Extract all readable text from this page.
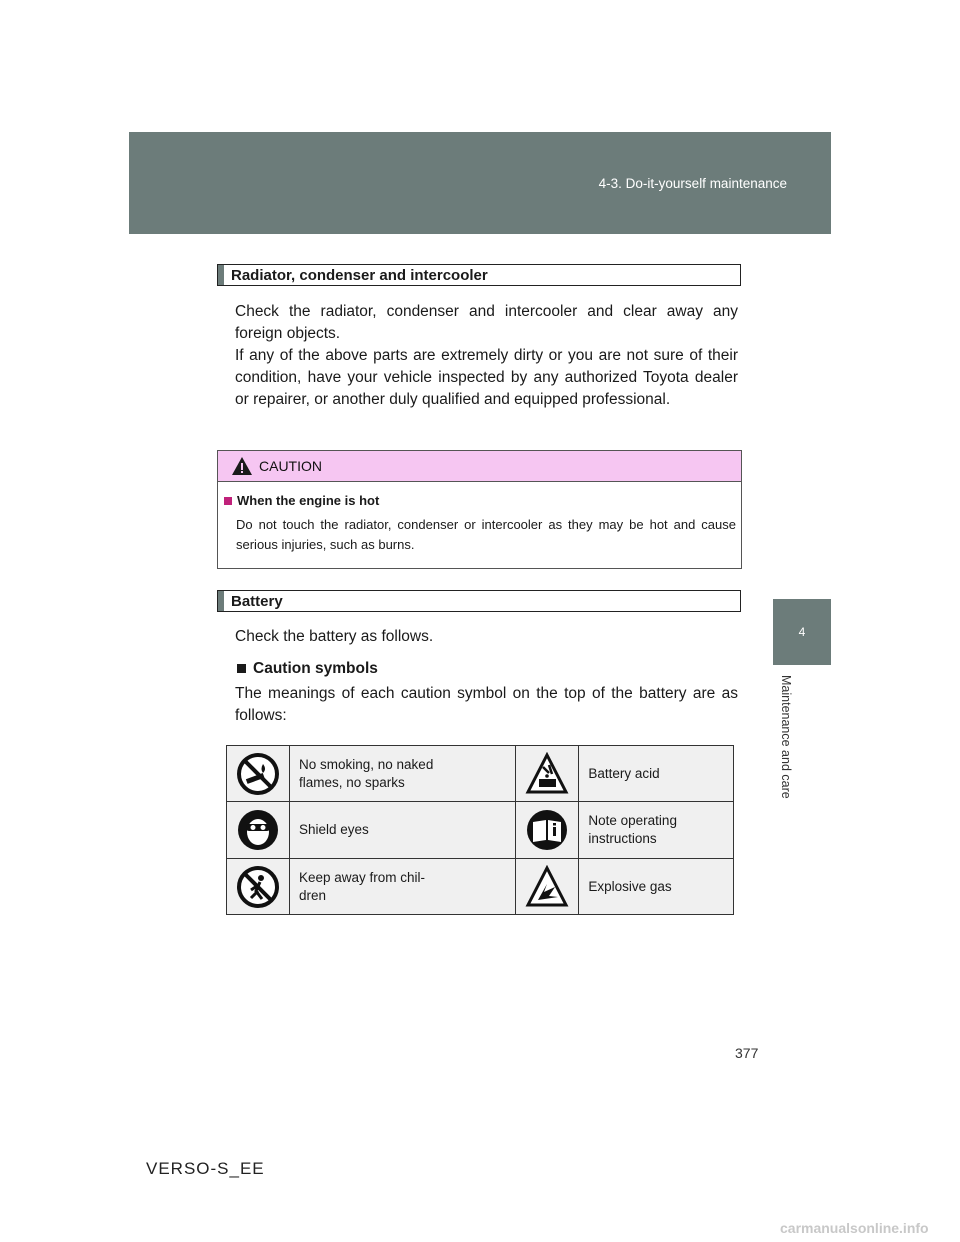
4-3. Do-it-yourself maintenance
4
Maintenance and care
Radiator, condenser and intercooler

Check the radiator, condenser and intercooler and clear away any foreign objects.

If any of the above parts are extremely dirty or you are not sure of their condition, have your vehicle inspected by any authorized Toyota dealer or repairer, or another duly qualified and equipped professional.

CAUTION
When the engine is hot

Do not touch the radiator, condenser or intercooler as they may be hot and cause serious injuries, such as burns.

Battery

Check the battery as follows.

Caution symbols

The meanings of each caution symbol on the top of the battery are as follows:

	No smoking, no naked
flames, no sparks		Battery acid

	Shield eyes		Note operating
instructions

	Keep away from chil-
dren		Explosive gas

377
VERSO-S_EE
carmanualsonline.info
